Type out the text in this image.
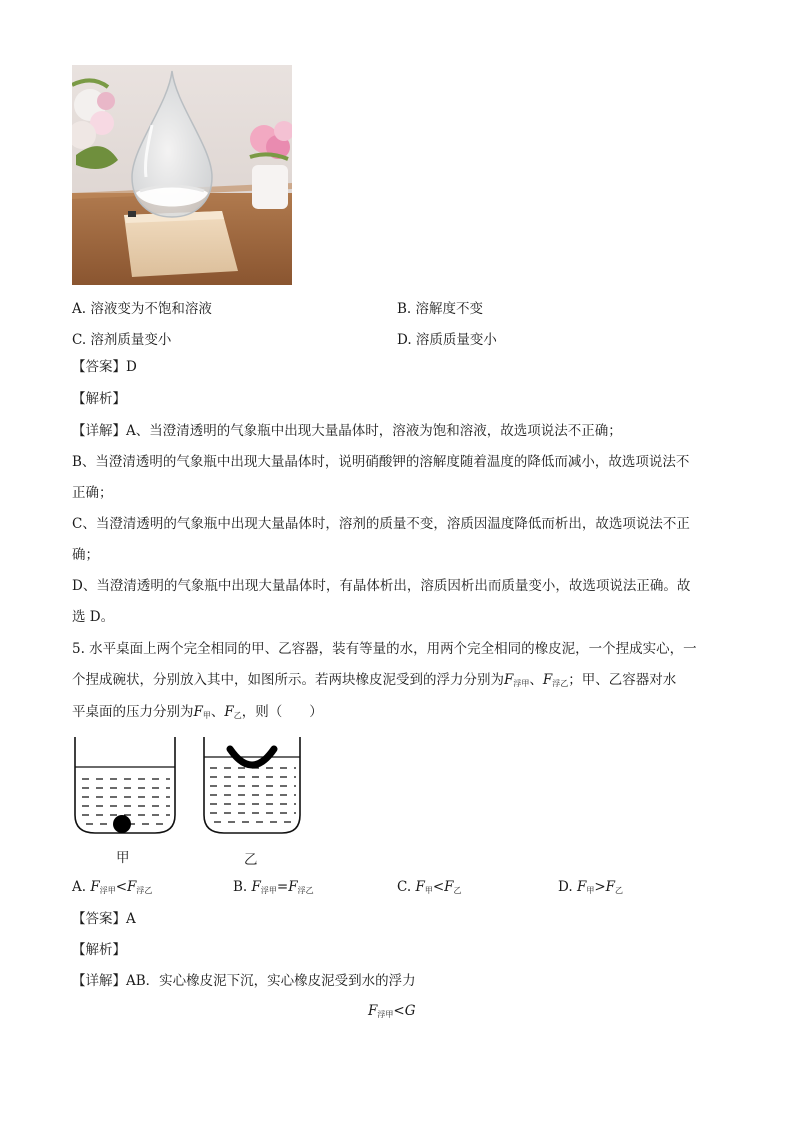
A. 溶液变为不饱和溶液	B. 溶解度不变
C. 溶剂质量变小	D. 溶质质量变小
【答案】D
【解析】
【详解】A、当澄清透明的气象瓶中出现大量晶体时，溶液为饱和溶液，故选项说法不正确；
B、当澄清透明的气象瓶中出现大量晶体时，说明硝酸钾的溶解度随着温度的降低而减小，故选项说法不
正确；
C、当澄清透明的气象瓶中出现大量晶体时，溶剂的质量不变，溶质因温度降低而析出，故选项说法不正
确；
D、当澄清透明的气象瓶中出现大量晶体时，有晶体析出，溶质因析出而质量变小，故选项说法正确。故
选 D。
5. 水平桌面上两个完全相同的甲、乙容器，装有等量的水，用两个完全相同的橡皮泥，一个捏成实心，一
个捏成碗状，分别放入其中，如图所示。若两块橡皮泥受到的浮力分别为$F_{浮甲}$、$F_{浮乙}$；甲、乙容器对水
平桌面的压力分别为$F_甲$、$F_乙$，则（　　）
甲	乙
A. $F_{浮甲}<F_{浮乙}$	B. $F_{浮甲}=F_{浮乙}$	C. $F_甲<F_乙$	D. $F_甲>F_乙$
【答案】A
【解析】
【详解】AB．实心橡皮泥下沉，实心橡皮泥受到水的浮力
$F_{浮甲}<G$
